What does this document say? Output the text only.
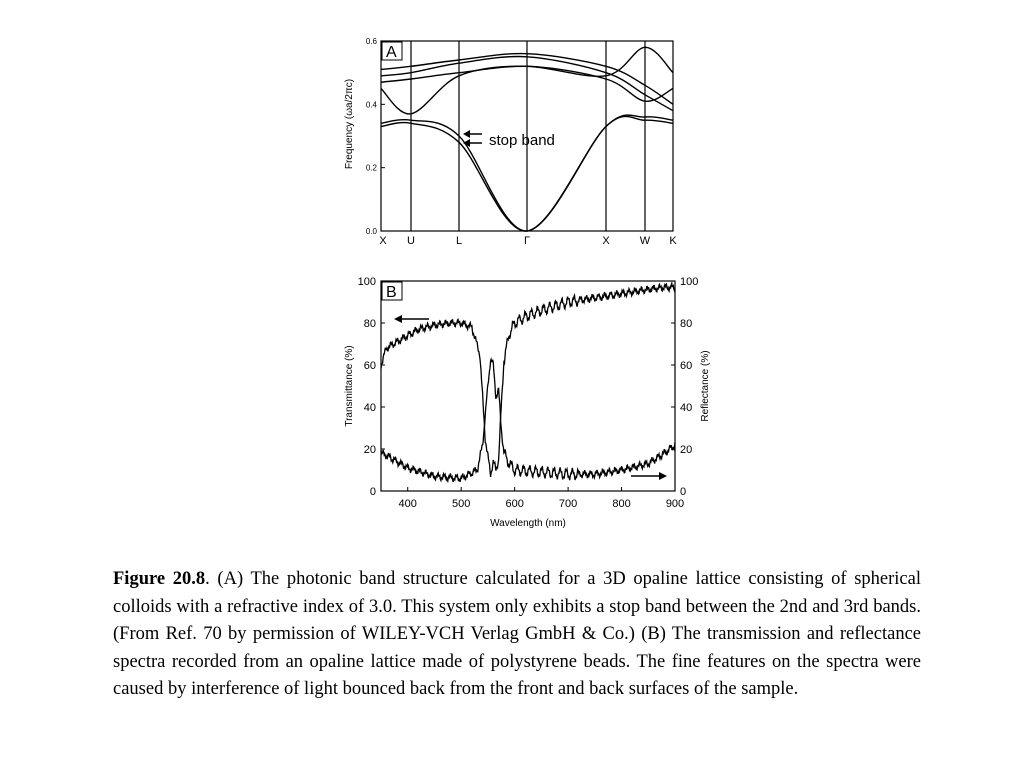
A
0.0
0.2
0.4
0.6
X U	L	Γ	X	W K
Frequency (ωa/2πc)	stop band
B
0	0
20	20
40	40
60	60
80	80
100	100
400	500	600	700	800	900
Wavelength (nm)
Transmittance (%)	Reflectance (%)
Figure 20.8. (A) The photonic band structure calculated for a 3D opaline lattice consisting of spherical colloids with a refractive index of 3.0. This system only exhibits a stop band between the 2nd and 3rd bands. (From Ref. 70 by permission of WILEY-VCH Verlag GmbH & Co.) (B) The transmission and reflectance spectra recorded from an opaline lattice made of polystyrene beads. The fine features on the spectra were caused by interference of light bounced back from the front and back surfaces of the sample.
